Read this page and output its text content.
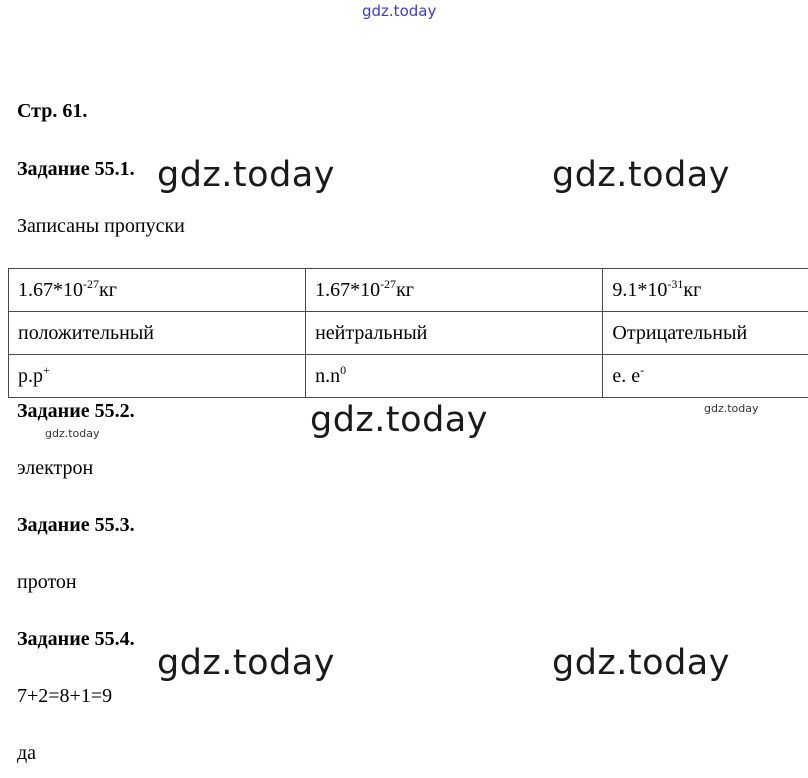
gdz.today
Стр. 61.
Задание 55.1. gdz.today	gdz.today
Записаны пропуски
$1.67*10^{-27}кг$	$1.67*10^{-27}кг$	$9.1*10^{-31}кг$
положительный	нейтральный	Отрицательный
p.p+	$n.n^0$	e. e-
Задание 55.2.
gdz.today	gdz.today	gdz.today
электрон
Задание 55.3.
протон
Задание 55.4.
gdz.today	gdz.today
7+2=8+1=9
да
